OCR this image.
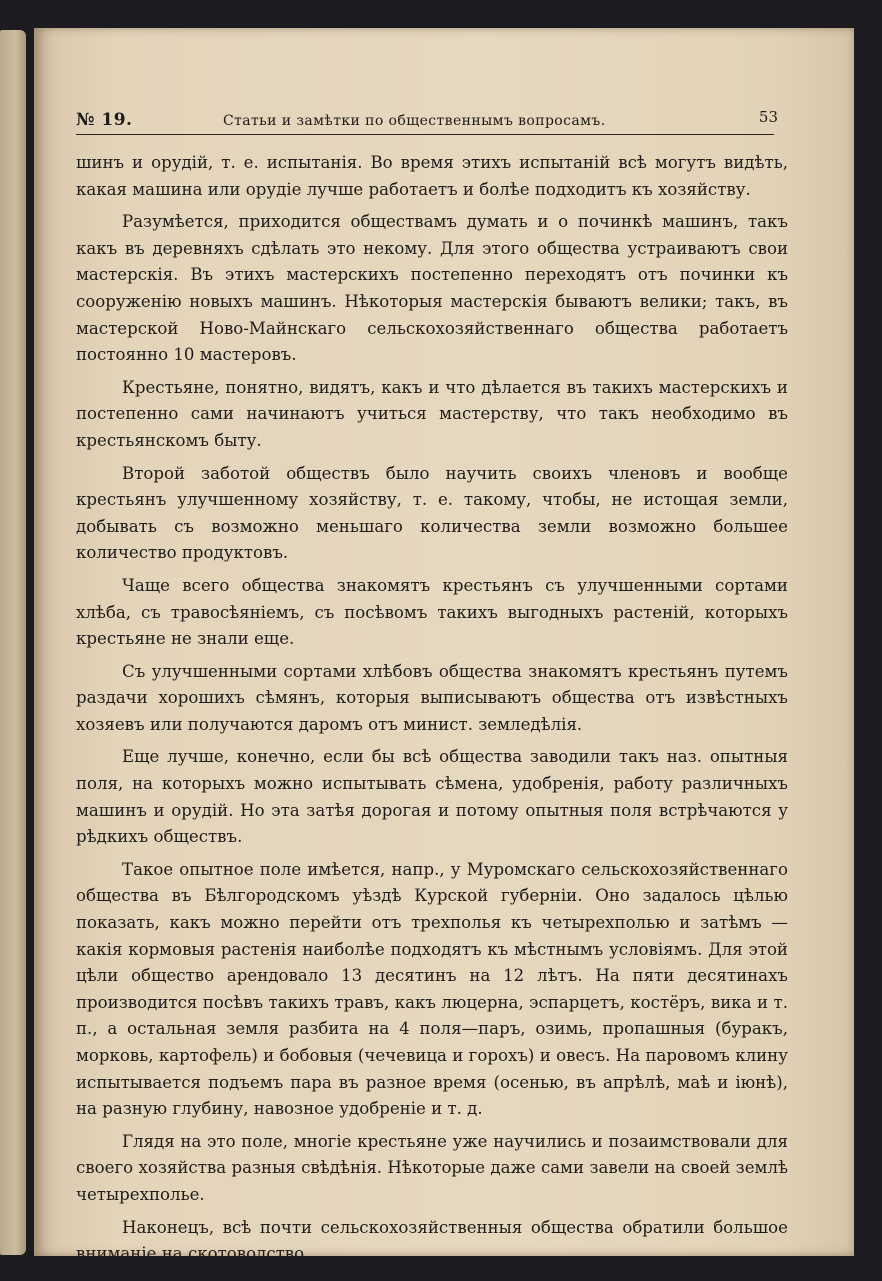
№ 19.	Статьи и замѣтки по общественнымъ вопросамъ.	53

шинъ и орудій, т. е. испытанія. Во время этихъ испытаній всѣ могутъ видѣть, какая машина или орудіе лучше работаетъ и болѣе подходитъ къ хозяйству.

Разумѣется, приходится обществамъ думать и о починкѣ машинъ, такъ какъ въ деревняхъ сдѣлать это некому. Для этого общества устраиваютъ свои мастерскія. Въ этихъ мастерскихъ постепенно переходятъ отъ починки къ сооруженію новыхъ машинъ. Нѣкоторыя мастерскія бываютъ велики; такъ, въ мастерской Ново-Майнскаго сельскохозяйственнаго общества работаетъ постоянно 10 мастеровъ.

Крестьяне, понятно, видятъ, какъ и что дѣлается въ такихъ мастерскихъ и постепенно сами начинаютъ учиться мастерству, что такъ необходимо въ крестьянскомъ быту.

Второй заботой обществъ было научить своихъ членовъ и вообще крестьянъ улучшенному хозяйству, т. е. такому, чтобы, не истощая земли, добывать съ возможно меньшаго количества земли возможно большее количество продуктовъ.

Чаще всего общества знакомятъ крестьянъ съ улучшенными сортами хлѣба, съ травосѣяніемъ, съ посѣвомъ такихъ выгодныхъ растеній, которыхъ крестьяне не знали еще.

Съ улучшенными сортами хлѣбовъ общества знакомятъ крестьянъ путемъ раздачи хорошихъ сѣмянъ, которыя выписываютъ общества отъ извѣстныхъ хозяевъ или получаются даромъ отъ минист. земледѣлія.

Еще лучше, конечно, если бы всѣ общества заводили такъ наз. опытныя поля, на которыхъ можно испытывать сѣмена, удобренія, работу различныхъ машинъ и орудій. Но эта затѣя дорогая и потому опытныя поля встрѣчаются у рѣдкихъ обществъ.

Такое опытное поле имѣется, напр., у Муромскаго сельскохозяйственнаго общества въ Бѣлгородскомъ уѣздѣ Курской губерніи. Оно задалось цѣлью показать, какъ можно перейти отъ трехполья къ четырехполью и затѣмъ — какія кормовыя растенія наиболѣе подходятъ къ мѣстнымъ условіямъ. Для этой цѣли общество арендовало 13 десятинъ на 12 лѣтъ. На пяти десятинахъ производится посѣвъ такихъ травъ, какъ люцерна, эспарцетъ, костёръ, вика и т. п., а остальная земля разбита на 4 поля—паръ, озимь, пропашныя (буракъ, морковь, картофель) и бобовыя (чечевица и горохъ) и овесъ. На паровомъ клину испытывается подъемъ пара въ разное время (осенью, въ апрѣлѣ, маѣ и іюнѣ), на разную глубину, навозное удобреніе и т. д.

Глядя на это поле, многіе крестьяне уже научились и позаимствовали для своего хозяйства разныя свѣдѣнія. Нѣкоторые даже сами завели на своей землѣ четырехполье.

Наконецъ, всѣ почти сельскохозяйственныя общества обратили большое вниманіе на скотоводство.
